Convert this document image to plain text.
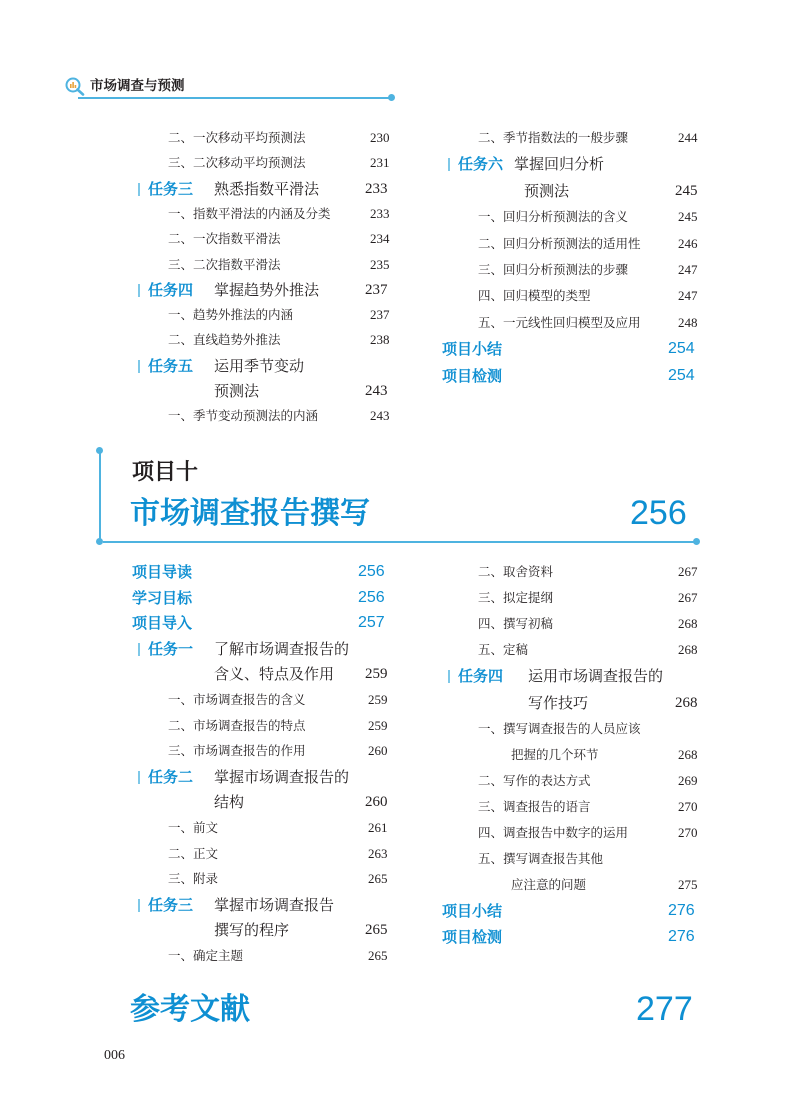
市场调查与预测
二、一次移动平均预测法	230
三、二次移动平均预测法	231
任务三 熟悉指数平滑法	233
一、指数平滑法的内涵及分类	233
二、一次指数平滑法	234
三、二次指数平滑法	235
任务四 掌握趋势外推法	237
一、趋势外推法的内涵	237
二、直线趋势外推法	238
任务五 运用季节变动
预测法	243
一、季节变动预测法的内涵	243
二、季节指数法的一般步骤	244
任务六 掌握回归分析
预测法	245
一、回归分析预测法的含义	245
二、回归分析预测法的适用性	246
三、回归分析预测法的步骤	247
四、回归模型的类型	247
五、一元线性回归模型及应用	248
项目小结	254
项目检测	254
项目十
市场调查报告撰写	256
项目导读	256
学习目标	256
项目导入	257
任务一 了解市场调查报告的
含义、特点及作用 259
一、市场调查报告的含义	259
二、市场调查报告的特点	259
三、市场调查报告的作用	260
任务二 掌握市场调查报告的
结构	260
一、前文	261
二、正文	263
三、附录	265
任务三 掌握市场调查报告
撰写的程序	265
一、确定主题	265
二、取舍资料	267
三、拟定提纲	267
四、撰写初稿	268
五、定稿	268
任务四 运用市场调查报告的
写作技巧	268
一、撰写调查报告的人员应该
把握的几个环节	268
二、写作的表达方式	269
三、调查报告的语言	270
四、调查报告中数字的运用	270
五、撰写调查报告其他
应注意的问题	275
项目小结	276
项目检测	276
参考文献	277
006
